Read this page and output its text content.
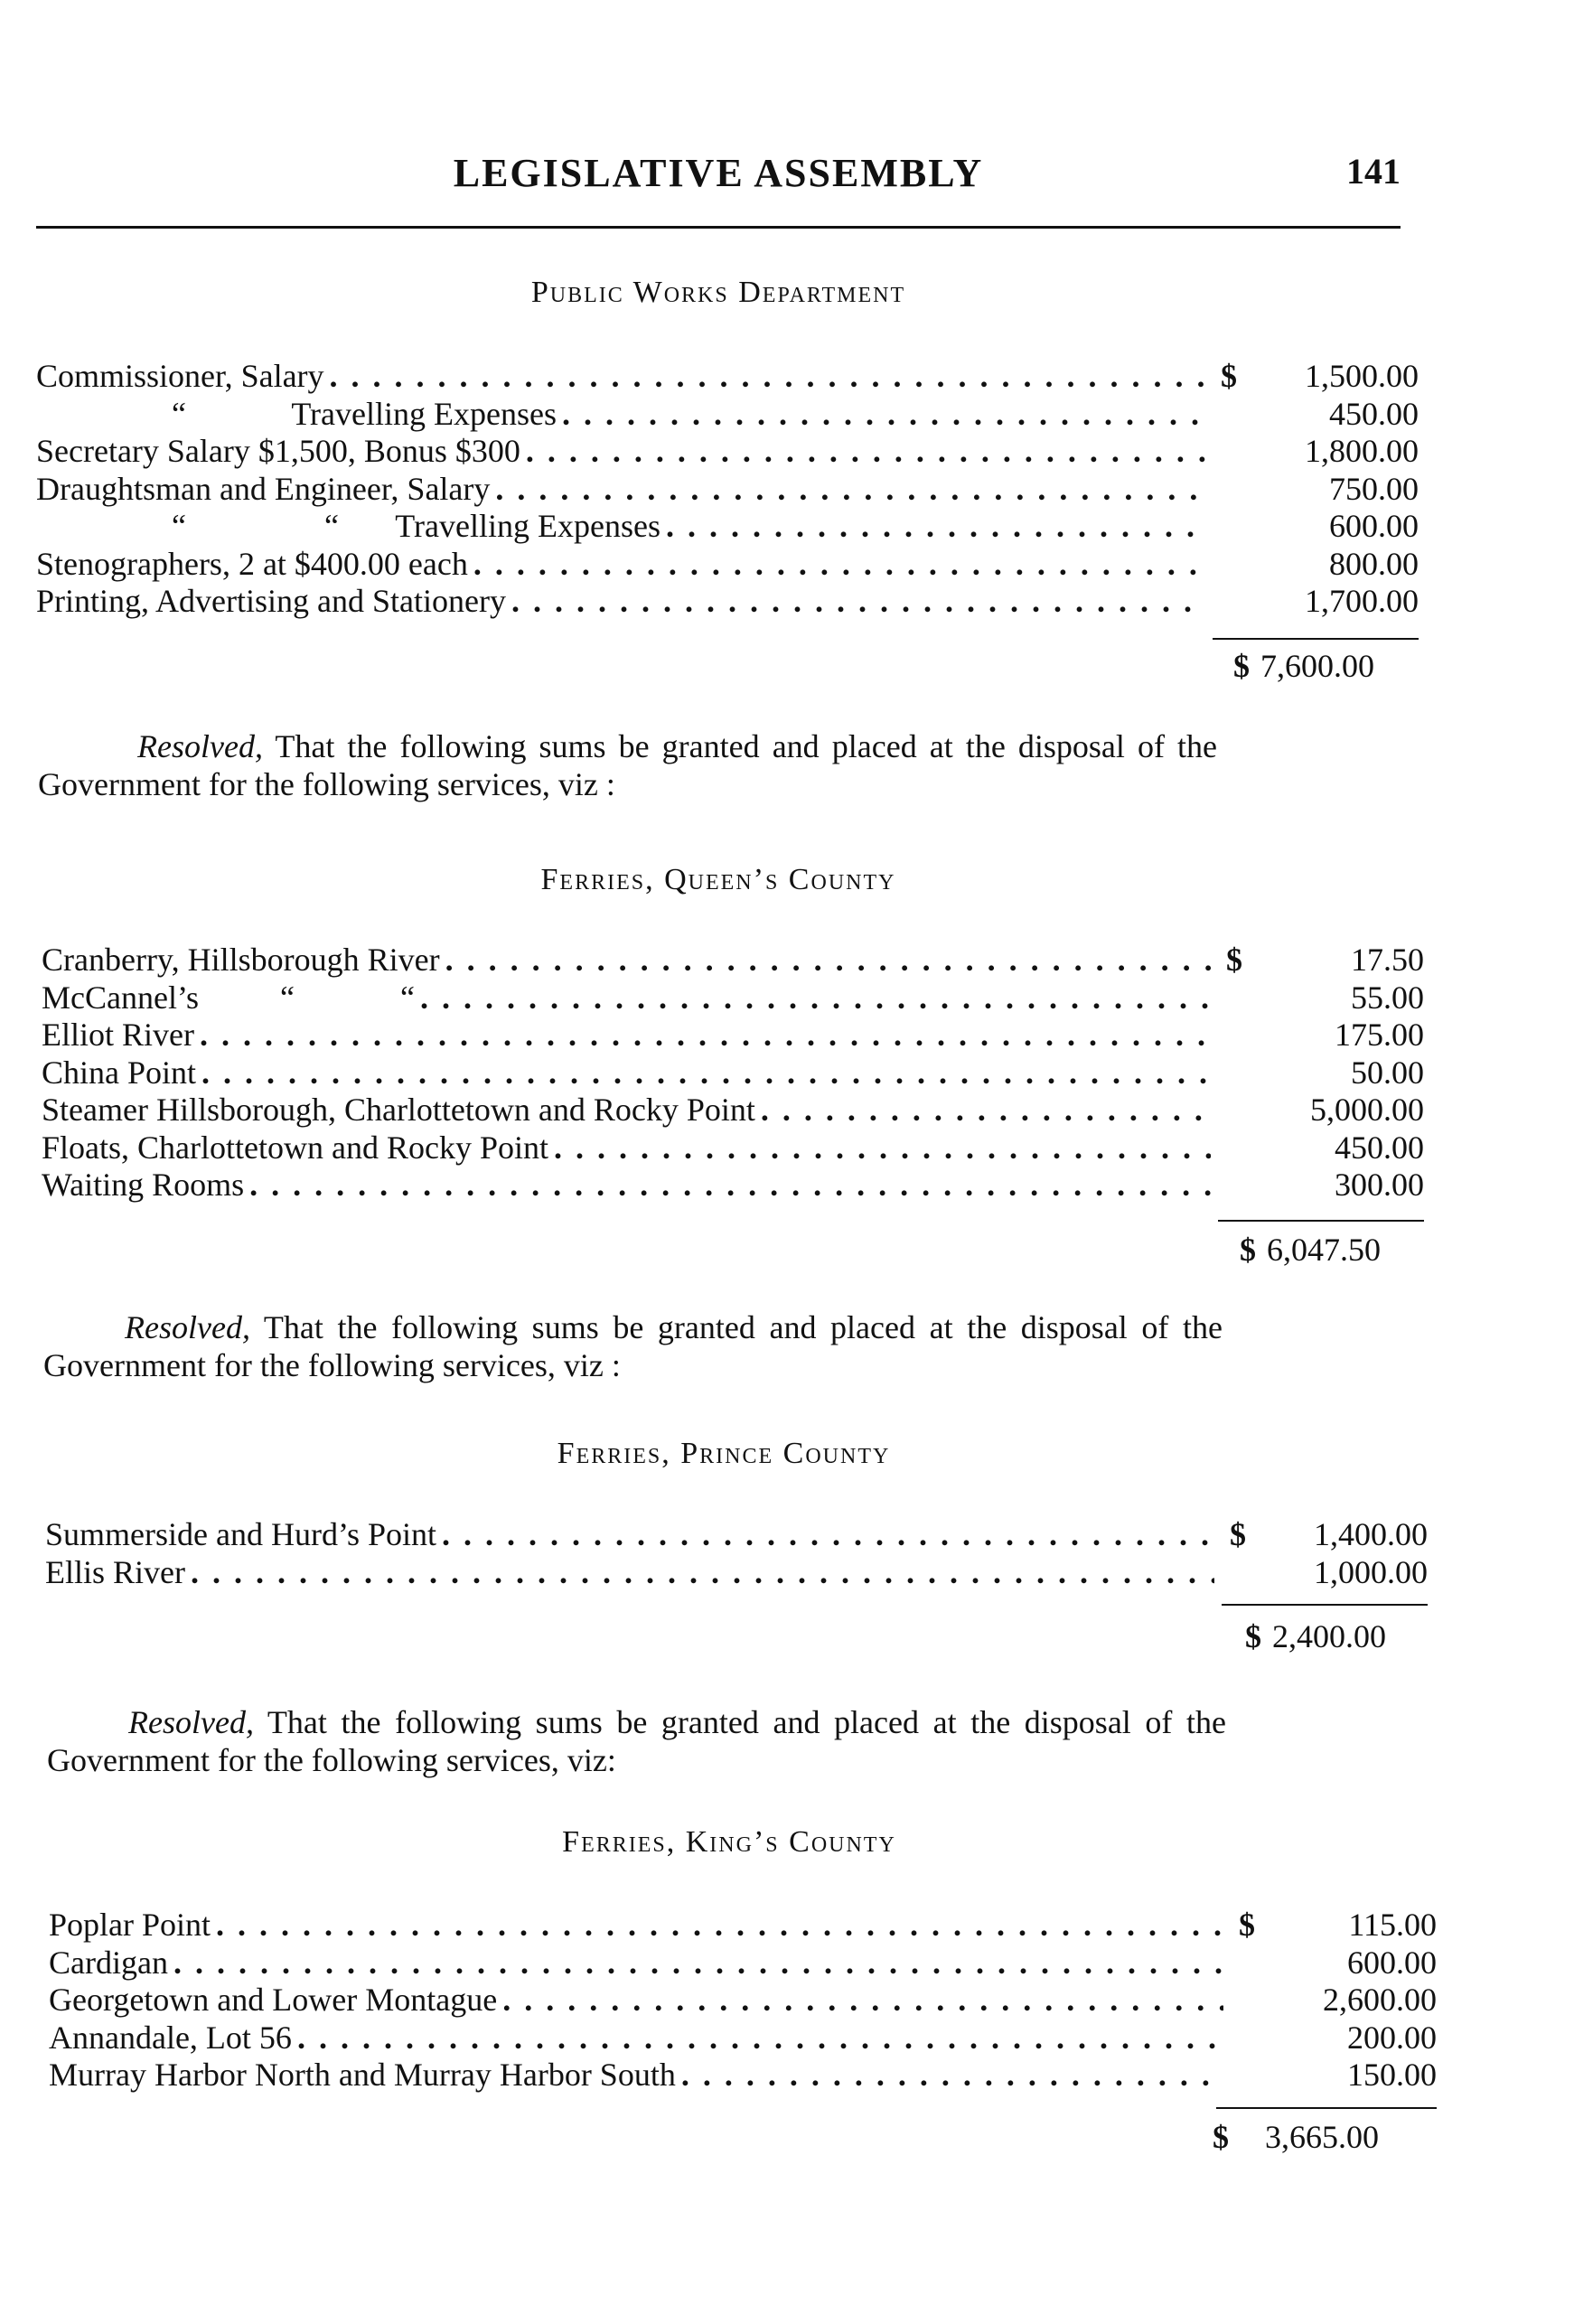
LEGISLATIVE ASSEMBLY	141
Public Works Department
Commissioner, Salary . . .	$	1,500.00
“             Travelling Expenses . . .	450.00
Secretary Salary $1,500, Bonus $300 . . .	1,800.00
Draughtsman and Engineer, Salary . . .	750.00
“                 “       Travelling Expenses . . .	600.00
Stenographers, 2 at $400.00 each . . .	800.00
Printing, Advertising and Stationery . . .	1,700.00
$ 7,600.00
Resolved, That the following sums be granted and placed at the disposal of the Government for the following services, viz :
Ferries, Queen’s County
Cranberry, Hillsborough River . . .	$	17.50
McCannel’s          “             “ . . .	55.00
Elliot River . . .	175.00
China Point . . .	50.00
Steamer Hillsborough, Charlottetown and Rocky Point . . .	5,000.00
Floats, Charlottetown and Rocky Point . . .	450.00
Waiting Rooms . . .	300.00
$ 6,047.50
Resolved, That the following sums be granted and placed at the disposal of the Government for the following services, viz :
Ferries, Prince County
Summerside and Hurd’s Point . . .	$	1,400.00
Ellis River . . .	1,000.00
$ 2,400.00
Resolved, That the following sums be granted and placed at the disposal of the Government for the following services, viz:
Ferries, King’s County
Poplar Point . . .	$	115.00
Cardigan . . .	600.00
Georgetown and Lower Montague . . .	2,600.00
Annandale, Lot 56 . . .	200.00
Murray Harbor North and Murray Harbor South . . .	150.00
$ 3,665.00
